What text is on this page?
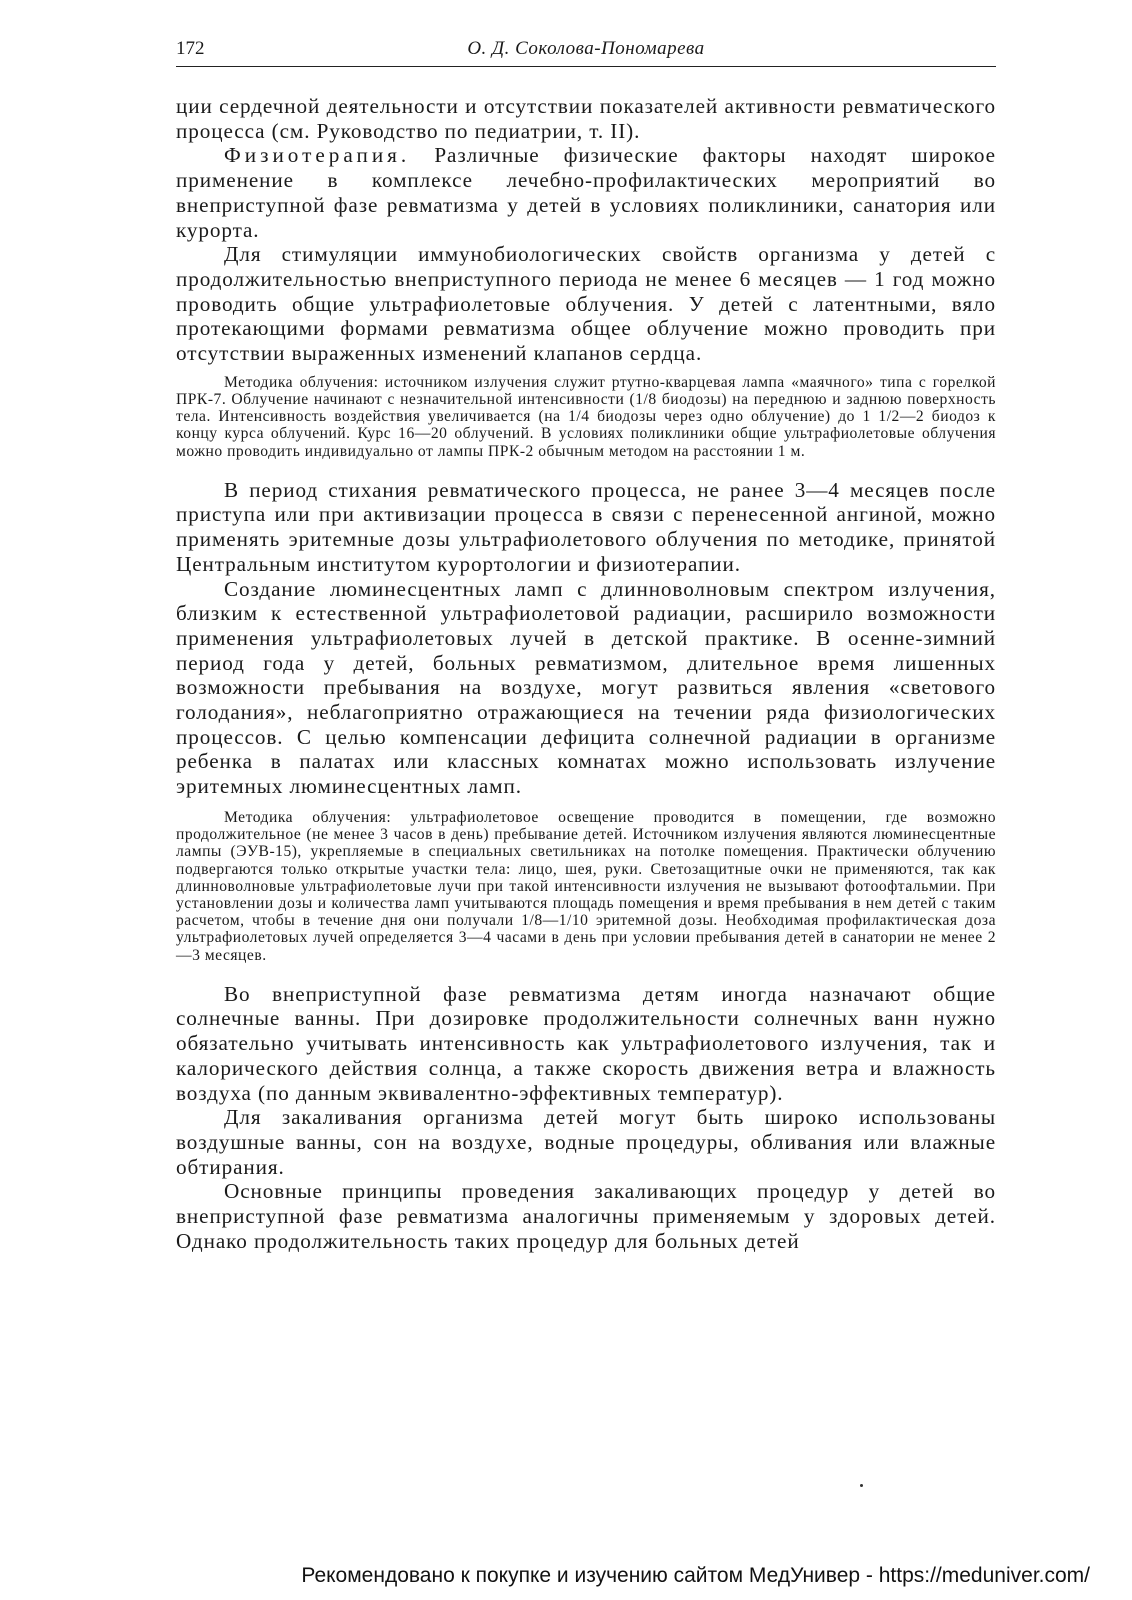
172	О. Д. Соколова-Пономарева

ции сердечной деятельности и отсутствии показателей активности ревматического процесса (см. Руководство по педиатрии, т. II).

Физиотерапия. Различные физические факторы находят широкое применение в комплексе лечебно-профилактических мероприятий во внеприступной фазе ревматизма у детей в условиях поликлиники, санатория или курорта.

Для стимуляции иммунобиологических свойств организма у детей с продолжительностью внеприступного периода не менее 6 месяцев — 1 год можно проводить общие ультрафиолетовые облучения. У детей с латентными, вяло протекающими формами ревматизма общее облучение можно проводить при отсутствии выраженных изменений клапанов сердца.

Методика облучения: источником излучения служит ртутно-кварцевая лампа «маячного» типа с горелкой ПРК-7. Облучение начинают с незначительной интенсивности (1/8 биодозы) на переднюю и заднюю поверхность тела. Интенсивность воздействия увеличивается (на 1/4 биодозы через одно облучение) до 1 1/2—2 биодоз к концу курса облучений. Курс 16—20 облучений. В условиях поликлиники общие ультрафиолетовые облучения можно проводить индивидуально от лампы ПРК-2 обычным методом на расстоянии 1 м.

В период стихания ревматического процесса, не ранее 3—4 месяцев после приступа или при активизации процесса в связи с перенесенной ангиной, можно применять эритемные дозы ультрафиолетового облучения по методике, принятой Центральным институтом курортологии и физиотерапии.

Создание люминесцентных ламп с длинноволновым спектром излучения, близким к естественной ультрафиолетовой радиации, расширило возможности применения ультрафиолетовых лучей в детской практике. В осенне-зимний период года у детей, больных ревматизмом, длительное время лишенных возможности пребывания на воздухе, могут развиться явления «светового голодания», неблагоприятно отражающиеся на течении ряда физиологических процессов. С целью компенсации дефицита солнечной радиации в организме ребенка в палатах или классных комнатах можно использовать излучение эритемных люминесцентных ламп.

Методика облучения: ультрафиолетовое освещение проводится в помещении, где возможно продолжительное (не менее 3 часов в день) пребывание детей. Источником излучения являются люминесцентные лампы (ЭУВ-15), укрепляемые в специальных светильниках на потолке помещения. Практически облучению подвергаются только открытые участки тела: лицо, шея, руки. Светозащитные очки не применяются, так как длинноволновые ультрафиолетовые лучи при такой интенсивности излучения не вызывают фотоофтальмии. При установлении дозы и количества ламп учитываются площадь помещения и время пребывания в нем детей с таким расчетом, чтобы в течение дня они получали 1/8—1/10 эритемной дозы. Необходимая профилактическая доза ультрафиолетовых лучей определяется 3—4 часами в день при условии пребывания детей в санатории не менее 2—3 месяцев.

Во внеприступной фазе ревматизма детям иногда назначают общие солнечные ванны. При дозировке продолжительности солнечных ванн нужно обязательно учитывать интенсивность как ультрафиолетового излучения, так и калорического действия солнца, а также скорость движения ветра и влажность воздуха (по данным эквивалентно-эффективных температур).

Для закаливания организма детей могут быть широко использованы воздушные ванны, сон на воздухе, водные процедуры, обливания или влажные обтирания.

Основные принципы проведения закаливающих процедур у детей во внеприступной фазе ревматизма аналогичны применяемым у здоровых детей. Однако продолжительность таких процедур для больных детей

Рекомендовано к покупке и изучению сайтом МедУнивер - https://meduniver.com/
